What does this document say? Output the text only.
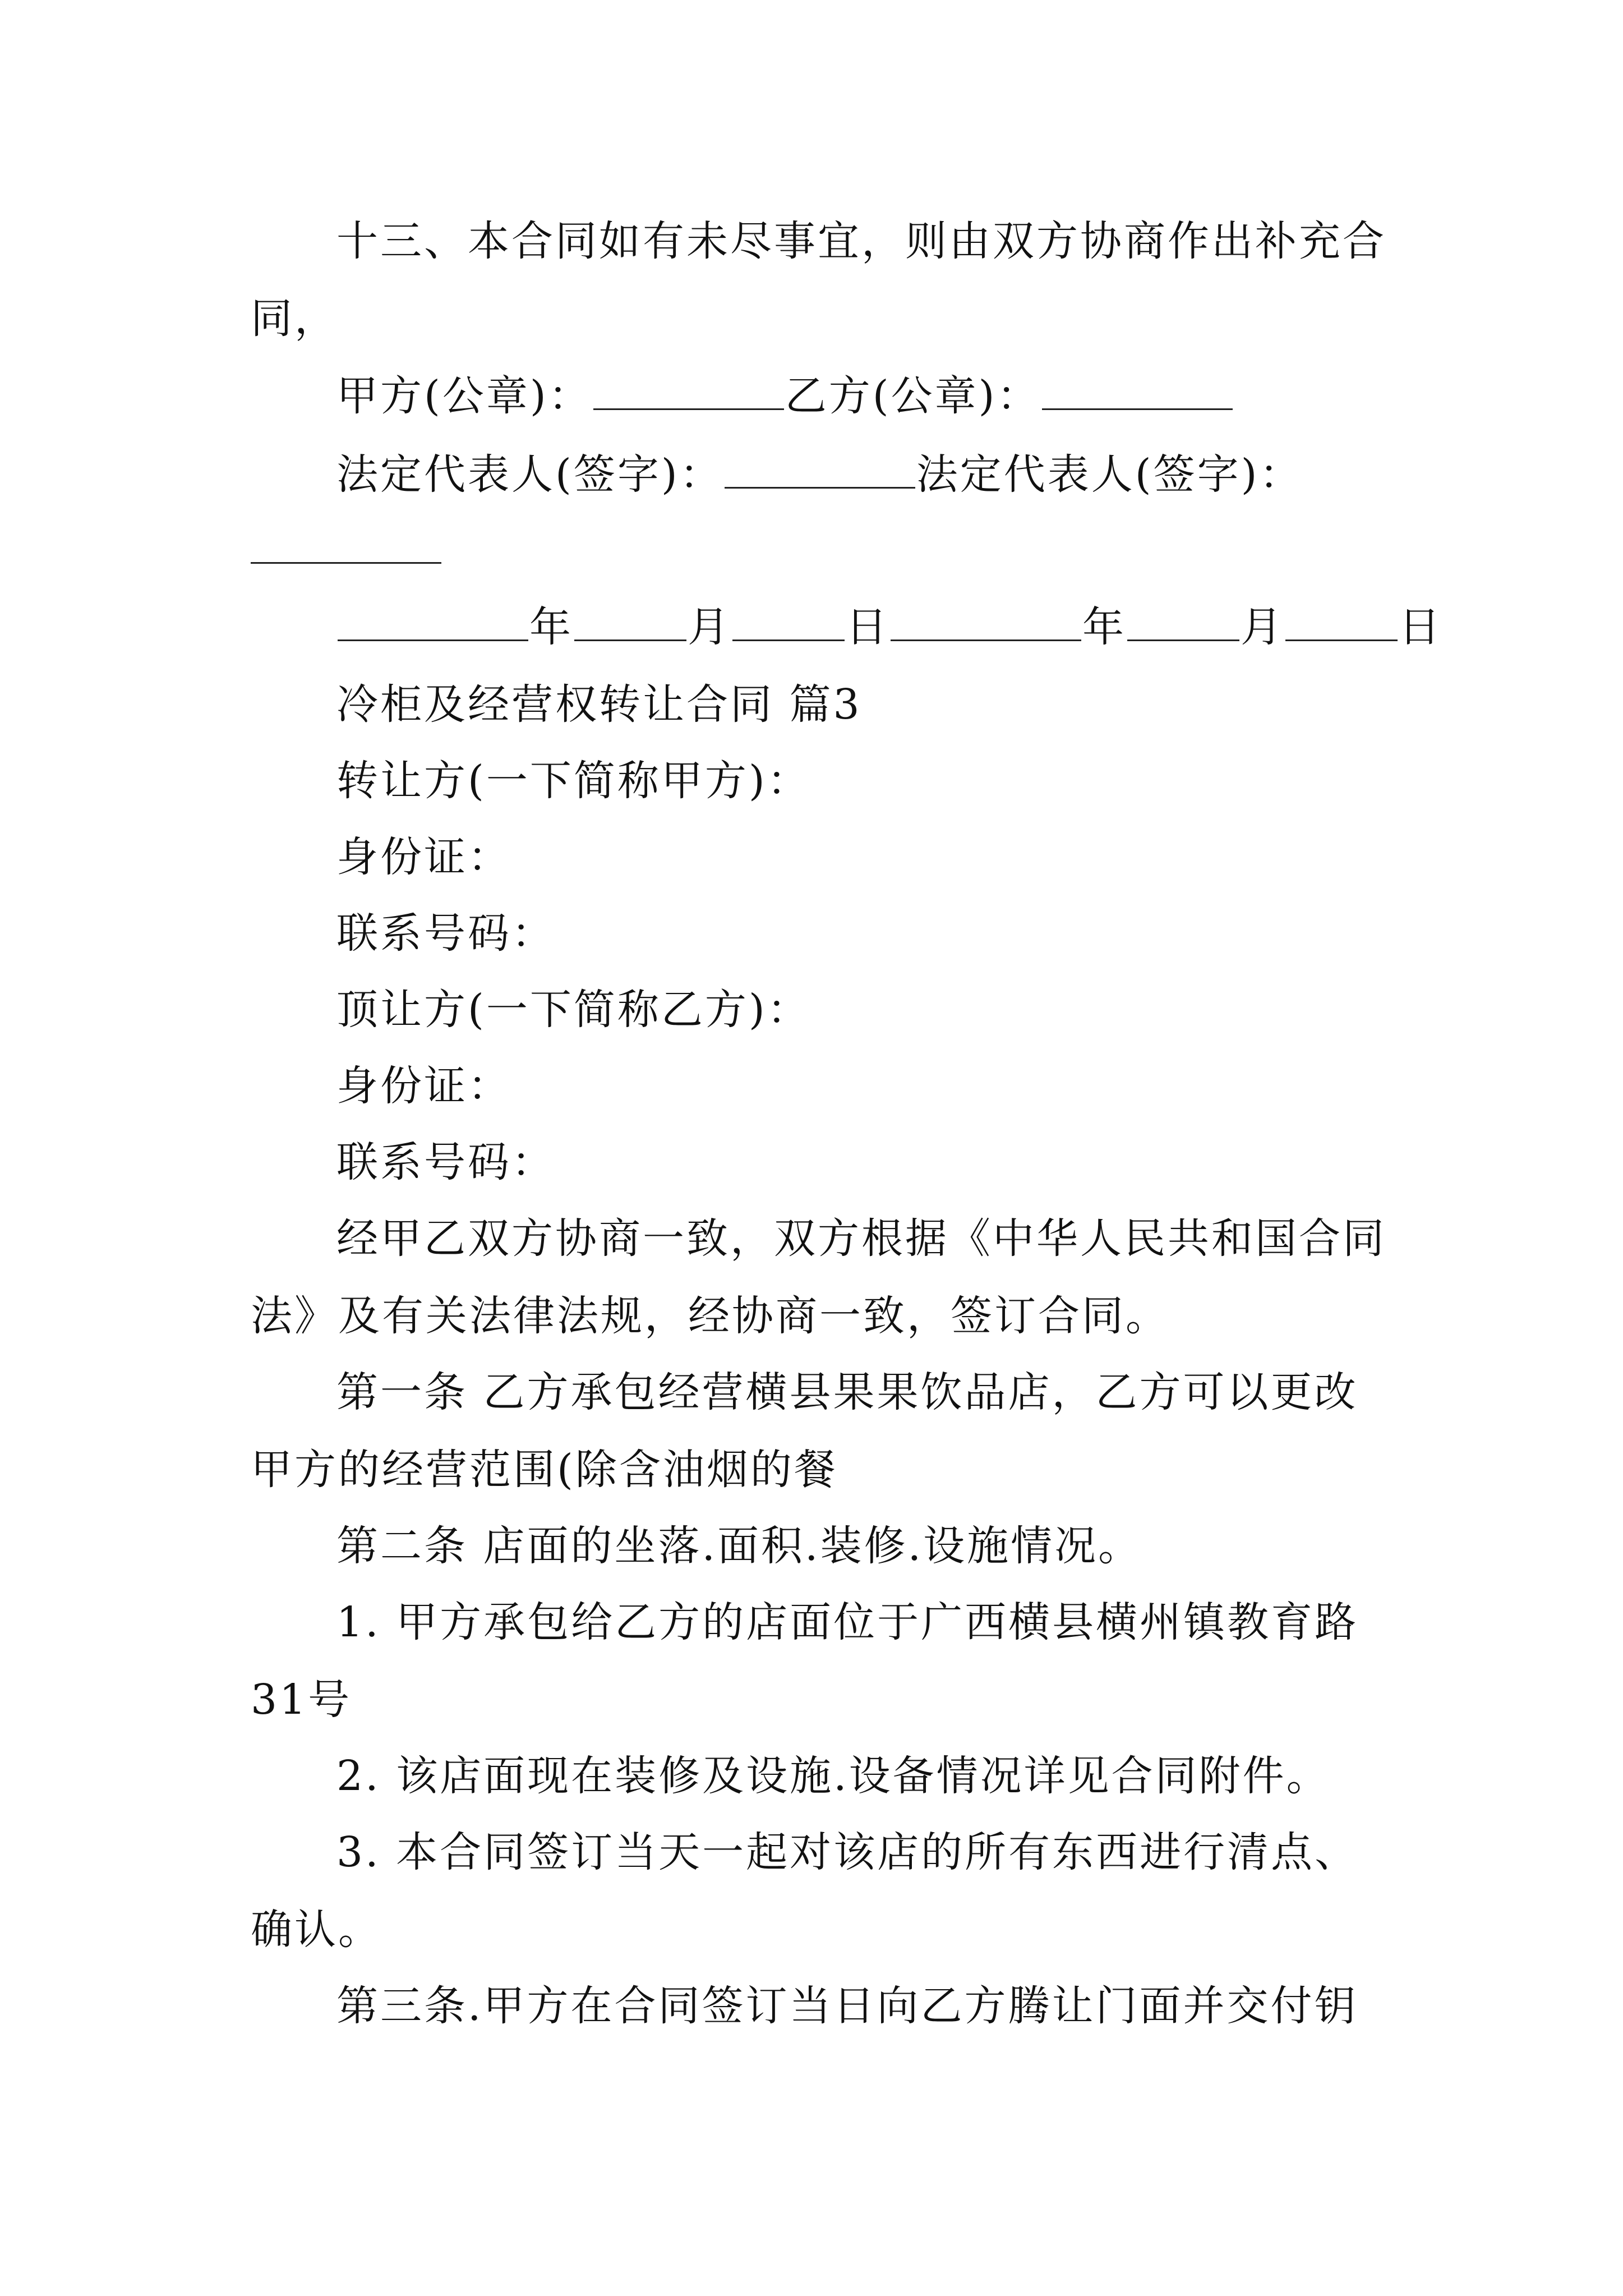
十三、本合同如有未尽事宜，则由双方协商作出补充合
同，
甲方(公章)：	乙方(公章)：
法定代表人(签字)：	法定代表人(签字)：
年	月	日	年	月	日
冷柜及经营权转让合同 篇3
转让方(一下简称甲方)：
身份证：
联系号码：
顶让方(一下简称乙方)：
身份证：
联系号码：
经甲乙双方协商一致，双方根据《中华人民共和国合同
法》及有关法律法规，经协商一致，签订合同。
第一条 乙方承包经营横县果果饮品店，乙方可以更改
甲方的经营范围(除含油烟的餐
第二条 店面的坐落.面积.装修.设施情况。
1. 甲方承包给乙方的店面位于广西横县横州镇教育路
31号
2. 该店面现在装修及设施.设备情况详见合同附件。
3. 本合同签订当天一起对该店的所有东西进行清点、
确认。
第三条.甲方在合同签订当日向乙方腾让门面并交付钥
